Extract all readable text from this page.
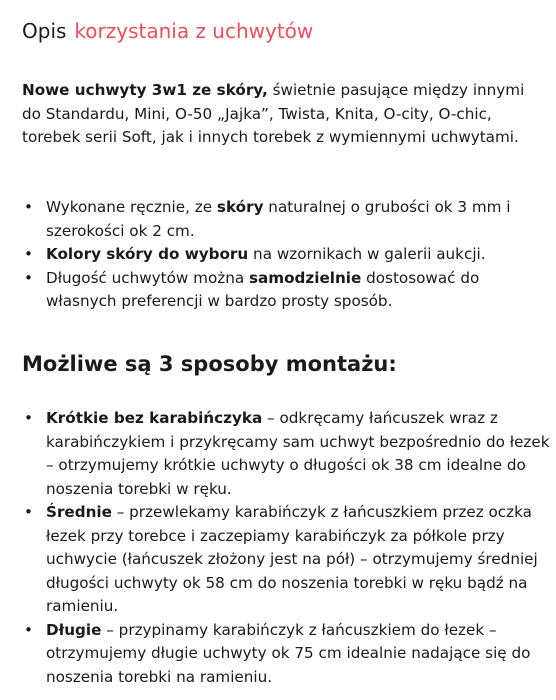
Opis korzystania z uchwytów
Nowe uchwyty 3w1 ze skóry, świetnie pasujące między innymi do Standardu, Mini, O-50 „Jajka”, Twista, Knita, O-city, O-chic, torebek serii Soft, jak i innych torebek z wymiennymi uchwytami.
• Wykonane ręcznie, ze skóry naturalnej o grubości ok 3 mm i szerokości ok 2 cm.
• Kolory skóry do wyboru na wzornikach w galerii aukcji.
• Długość uchwytów można samodzielnie dostosować do własnych preferencji w bardzo prosty sposób.
Możliwe są 3 sposoby montażu:
• Krótkie bez karabińczyka – odkręcamy łańcuszek wraz z karabińczykiem i przykręcamy sam uchwyt bezpośrednio do łezek – otrzymujemy krótkie uchwyty o długości ok 38 cm idealne do noszenia torebki w ręku.
• Średnie – przewlekamy karabińczyk z łańcuszkiem przez oczka łezek przy torebce i zaczepiamy karabińczyk za półkole przy uchwycie (łańcuszek złożony jest na pół) – otrzymujemy średniej długości uchwyty ok 58 cm do noszenia torebki w ręku bądź na ramieniu.
• Długie – przypinamy karabińczyk z łańcuszkiem do łezek – otrzymujemy długie uchwyty ok 75 cm idealnie nadające się do noszenia torebki na ramieniu.
